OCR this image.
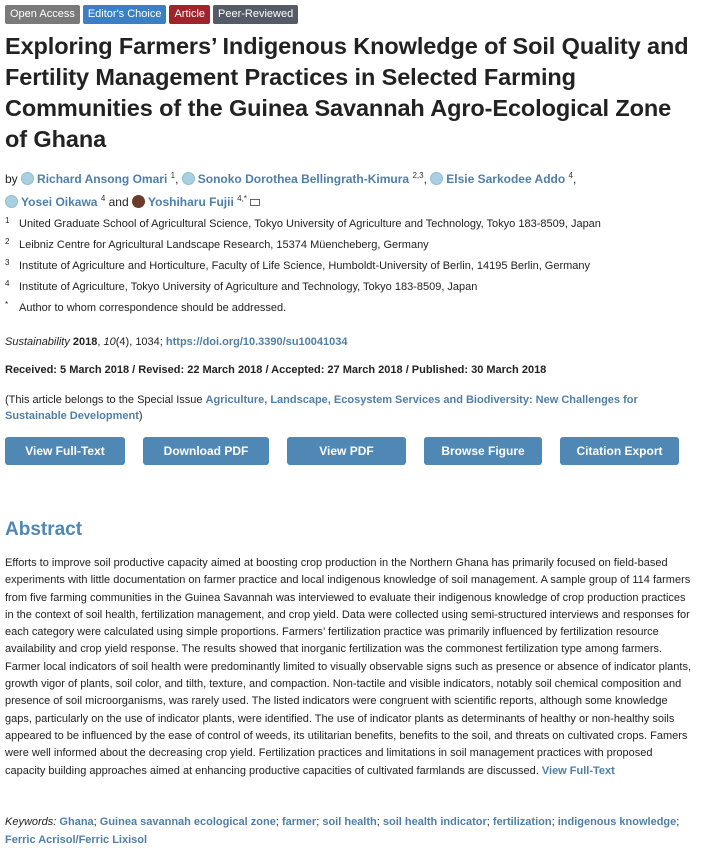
Open Access	Editor's Choice	Article	Peer-Reviewed
Exploring Farmers’ Indigenous Knowledge of Soil Quality and Fertility Management Practices in Selected Farming Communities of the Guinea Savannah Agro-Ecological Zone of Ghana
by Richard Ansong Omari $^1$, Sonoko Dorothea Bellingrath-Kimura $^{2,3}$, Elsie Sarkodee Addo $^4$,
Yosei Oikawa $^4$ and Yoshiharu Fujii $^{4,*}$
1 United Graduate School of Agricultural Science, Tokyo University of Agriculture and Technology, Tokyo 183-8509, Japan
2 Leibniz Centre for Agricultural Landscape Research, 15374 Müencheberg, Germany
3 Institute of Agriculture and Horticulture, Faculty of Life Science, Humboldt-University of Berlin, 14195 Berlin, Germany
4 Institute of Agriculture, Tokyo University of Agriculture and Technology, Tokyo 183-8509, Japan
* Author to whom correspondence should be addressed.
Sustainability 2018, 10(4), 1034; https://doi.org/10.3390/su10041034
Received: 5 March 2018 / Revised: 22 March 2018 / Accepted: 27 March 2018 / Published: 30 March 2018
(This article belongs to the Special Issue Agriculture, Landscape, Ecosystem Services and Biodiversity: New Challenges for Sustainable Development)
View Full-Text	Download PDF	View PDF	Browse Figure	Citation Export
Abstract
Efforts to improve soil productive capacity aimed at boosting crop production in the Northern Ghana has primarily focused on field-based experiments with little documentation on farmer practice and local indigenous knowledge of soil management. A sample group of 114 farmers from five farming communities in the Guinea Savannah was interviewed to evaluate their indigenous knowledge of crop production practices in the context of soil health, fertilization management, and crop yield. Data were collected using semi-structured interviews and responses for each category were calculated using simple proportions. Farmers’ fertilization practice was primarily influenced by fertilization resource availability and crop yield response. The results showed that inorganic fertilization was the commonest fertilization type among farmers. Farmer local indicators of soil health were predominantly limited to visually observable signs such as presence or absence of indicator plants, growth vigor of plants, soil color, and tilth, texture, and compaction. Non-tactile and visible indicators, notably soil chemical composition and presence of soil microorganisms, was rarely used. The listed indicators were congruent with scientific reports, although some knowledge gaps, particularly on the use of indicator plants, were identified. The use of indicator plants as determinants of healthy or non-healthy soils appeared to be influenced by the ease of control of weeds, its utilitarian benefits, benefits to the soil, and threats on cultivated crops. Famers were well informed about the decreasing crop yield. Fertilization practices and limitations in soil management practices with proposed capacity building approaches aimed at enhancing productive capacities of cultivated farmlands are discussed. View Full-Text
Keywords: Ghana; Guinea savannah ecological zone; farmer; soil health; soil health indicator; fertilization; indigenous knowledge; Ferric Acrisol/Ferric Lixisol
